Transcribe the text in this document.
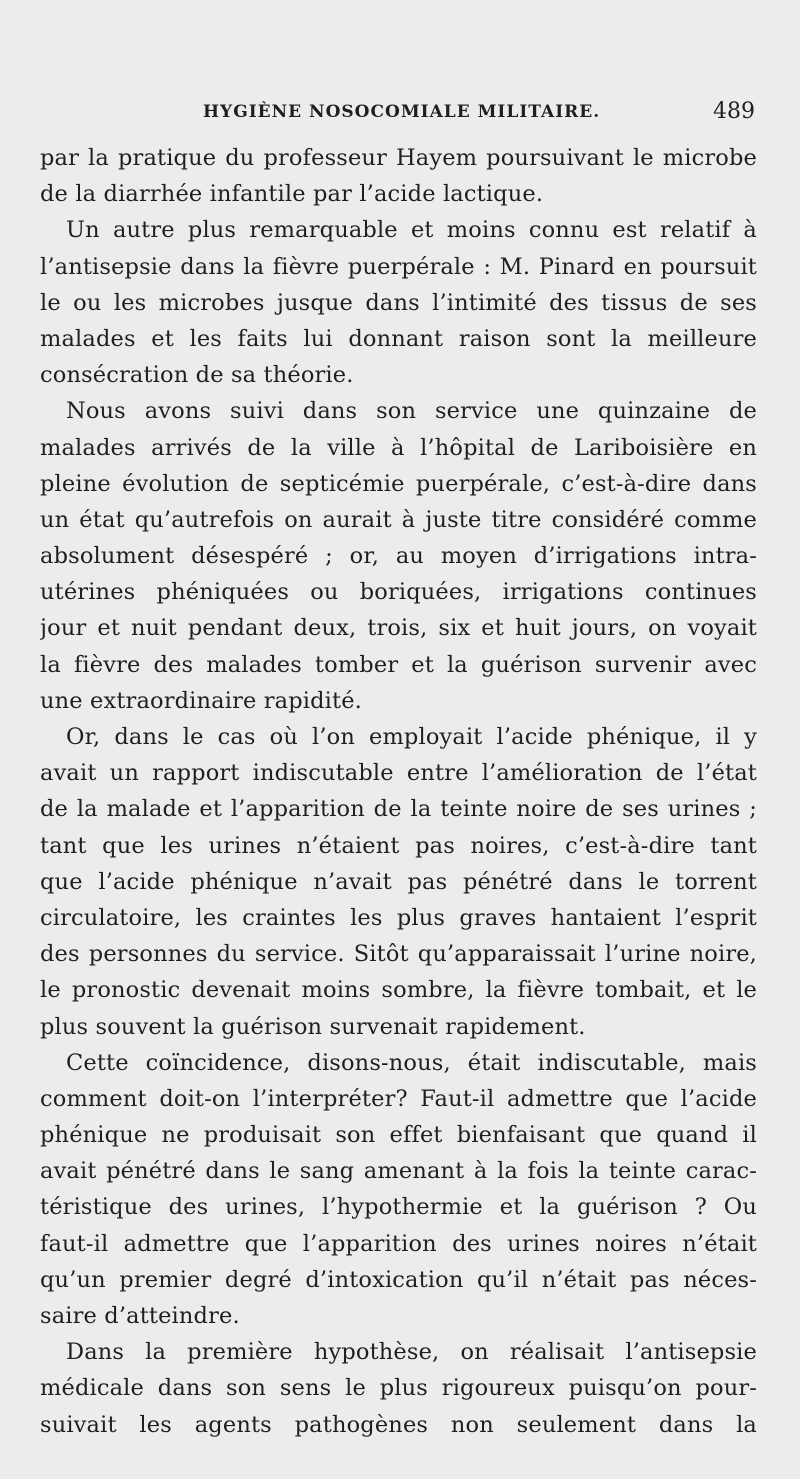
HYGIÈNE NOSOCOMIALE MILITAIRE.	489
par la pratique du professeur Hayem poursuivant le microbe
de la diarrhée infantile par l’acide lactique.
Un autre plus remarquable et moins connu est relatif à
l’antisepsie dans la fièvre puerpérale : M. Pinard en poursuit
le ou les microbes jusque dans l’intimité des tissus de ses
malades et les faits lui donnant raison sont la meilleure
consécration de sa théorie.
Nous avons suivi dans son service une quinzaine de
malades arrivés de la ville à l’hôpital de Lariboisière en
pleine évolution de septicémie puerpérale, c’est-à-dire dans
un état qu’autrefois on aurait à juste titre considéré comme
absolument désespéré ; or, au moyen d’irrigations intra-
utérines phéniquées ou boriquées, irrigations continues
jour et nuit pendant deux, trois, six et huit jours, on voyait
la fièvre des malades tomber et la guérison survenir avec
une extraordinaire rapidité.
Or, dans le cas où l’on employait l’acide phénique, il y
avait un rapport indiscutable entre l’amélioration de l’état
de la malade et l’apparition de la teinte noire de ses urines ;
tant que les urines n’étaient pas noires, c’est-à-dire tant
que l’acide phénique n’avait pas pénétré dans le torrent
circulatoire, les craintes les plus graves hantaient l’esprit
des personnes du service. Sitôt qu’apparaissait l’urine noire,
le pronostic devenait moins sombre, la fièvre tombait, et le
plus souvent la guérison survenait rapidement.
Cette coïncidence, disons-nous, était indiscutable, mais
comment doit-on l’interpréter? Faut-il admettre que l’acide
phénique ne produisait son effet bienfaisant que quand il
avait pénétré dans le sang amenant à la fois la teinte carac-
téristique des urines, l’hypothermie et la guérison ? Ou
faut-il admettre que l’apparition des urines noires n’était
qu’un premier degré d’intoxication qu’il n’était pas néces-
saire d’atteindre.
Dans la première hypothèse, on réalisait l’antisepsie
médicale dans son sens le plus rigoureux puisqu’on pour-
suivait les agents pathogènes non seulement dans la
